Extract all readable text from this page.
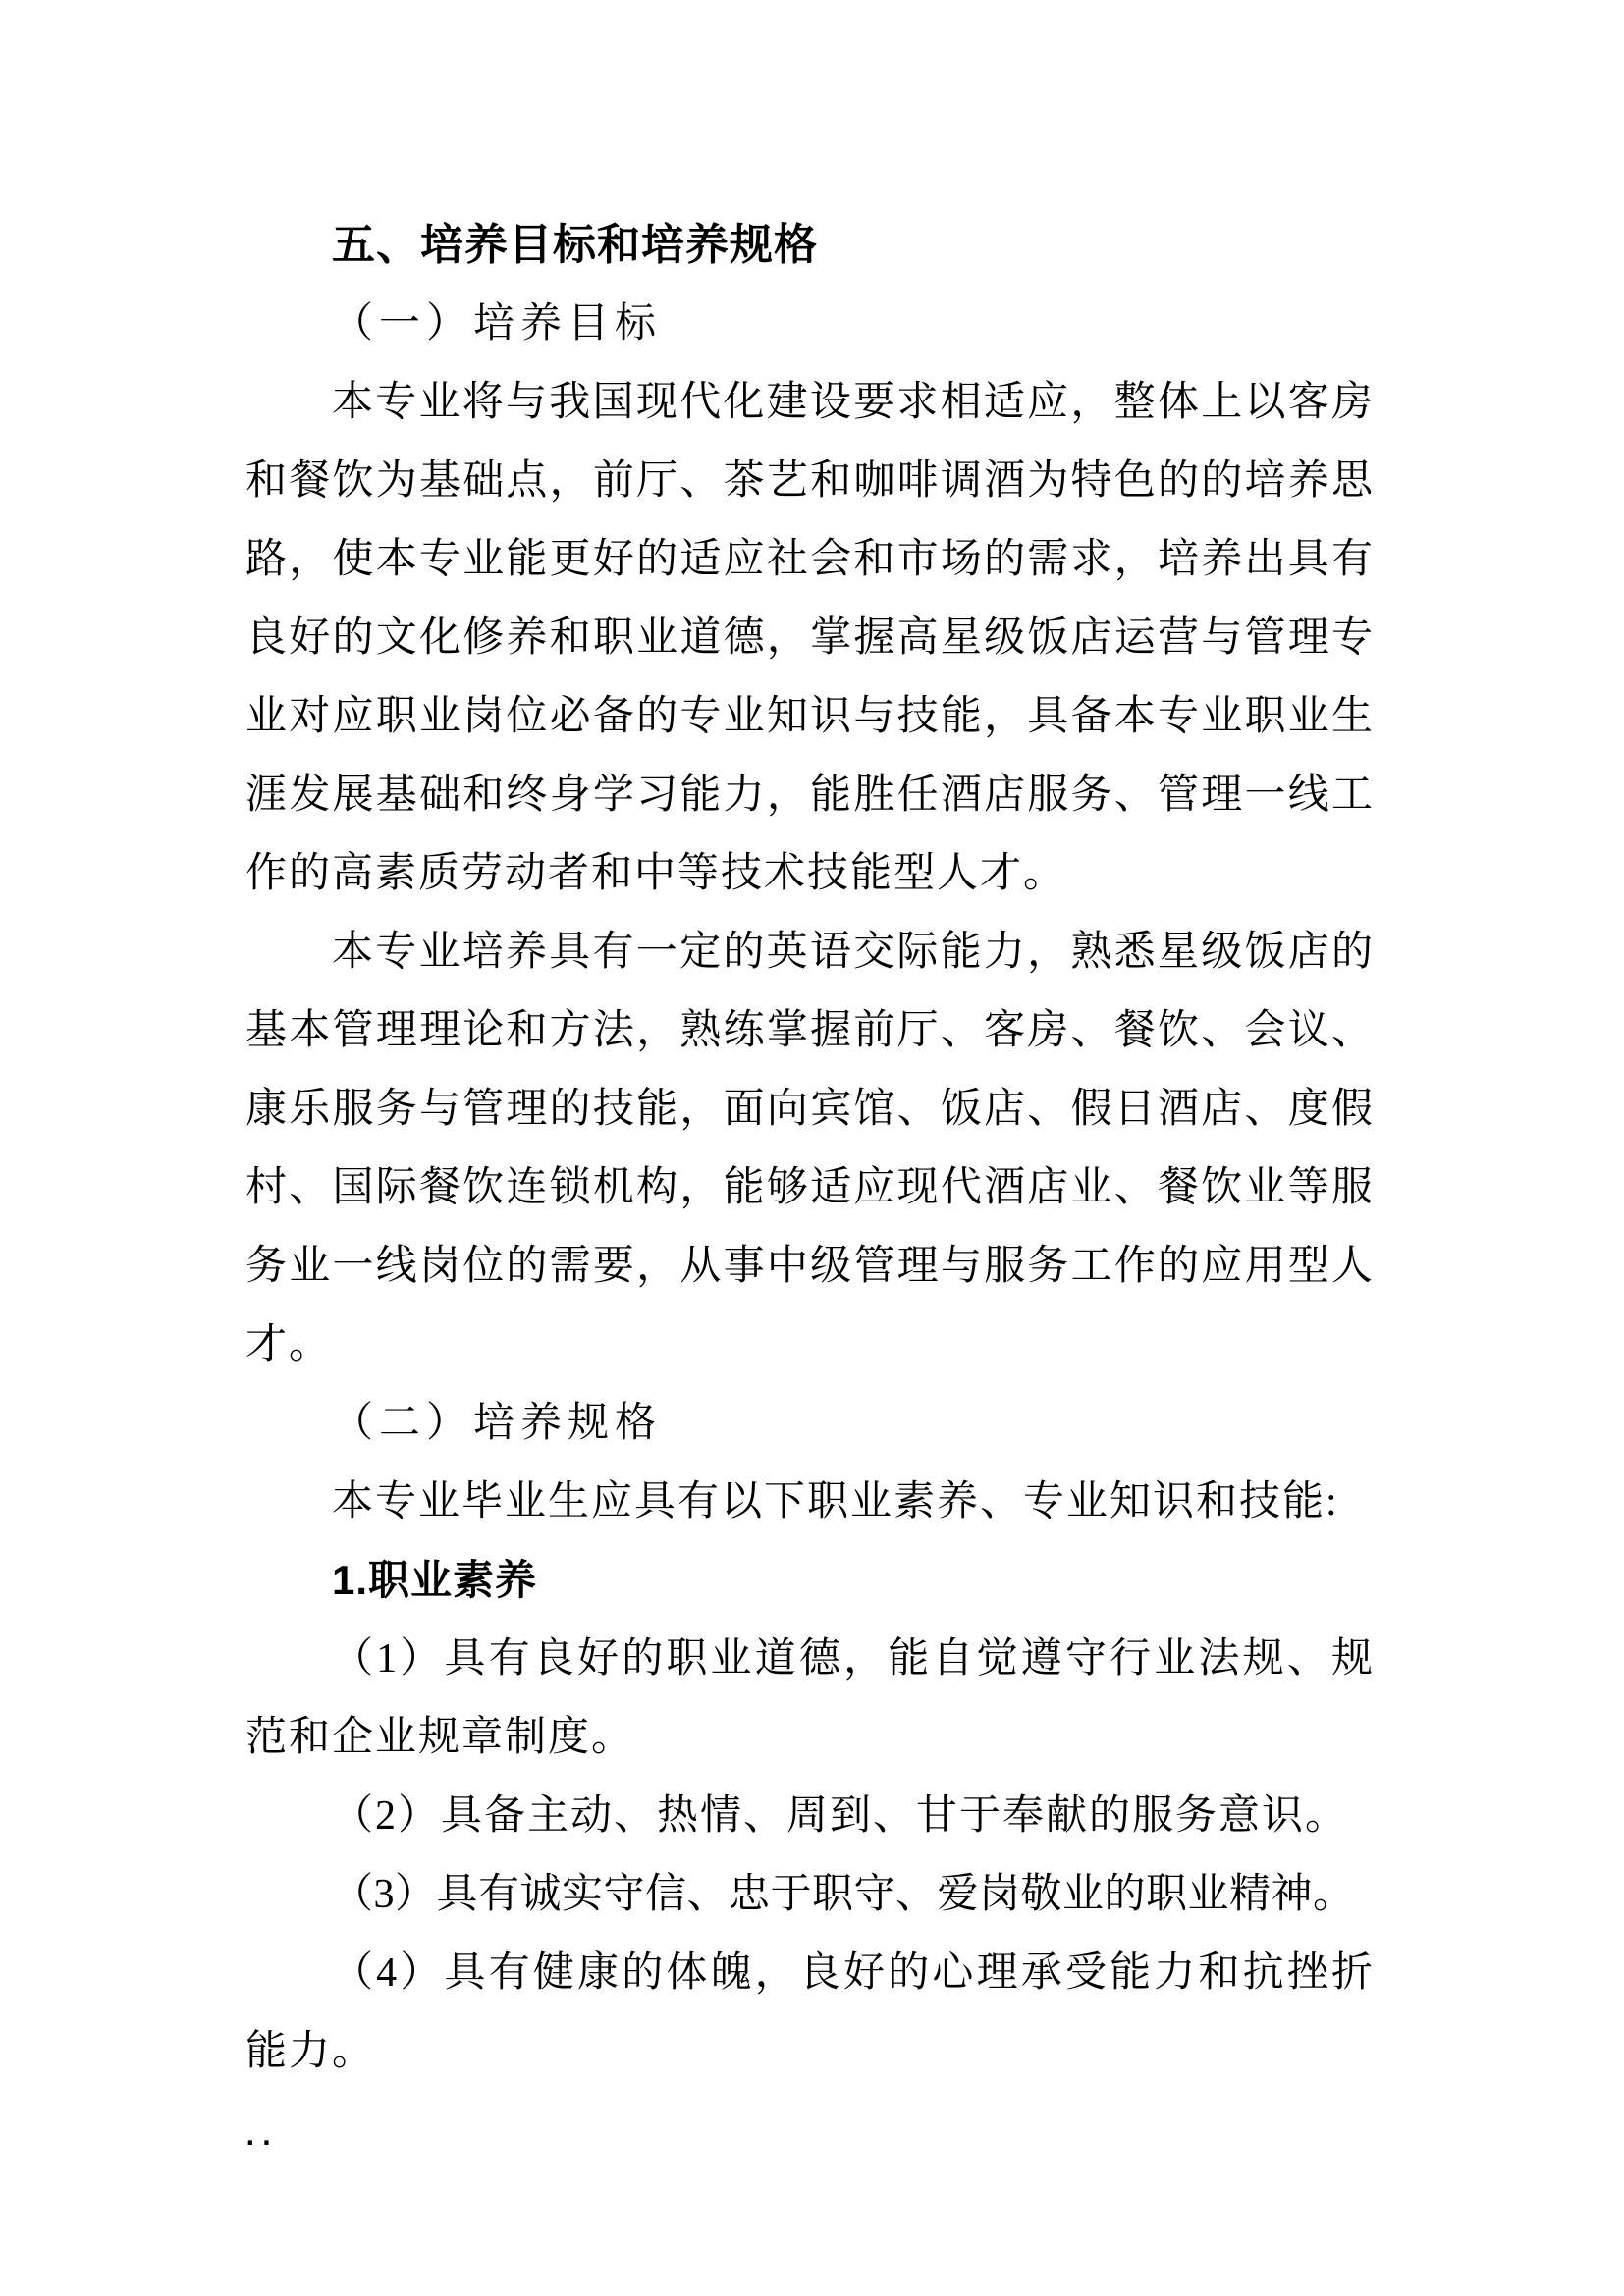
五、培养目标和培养规格

（一）培养目标

本专业将与我国现代化建设要求相适应，整体上以客房和餐饮为基础点，前厅、茶艺和咖啡调酒为特色的的培养思路，使本专业能更好的适应社会和市场的需求，培养出具有良好的文化修养和职业道德，掌握高星级饭店运营与管理专业对应职业岗位必备的专业知识与技能，具备本专业职业生涯发展基础和终身学习能力，能胜任酒店服务、管理一线工作的高素质劳动者和中等技术技能型人才。

本专业培养具有一定的英语交际能力，熟悉星级饭店的基本管理理论和方法，熟练掌握前厅、客房、餐饮、会议、康乐服务与管理的技能，面向宾馆、饭店、假日酒店、度假村、国际餐饮连锁机构，能够适应现代酒店业、餐饮业等服务业一线岗位的需要，从事中级管理与服务工作的应用型人才。

（二）培养规格

本专业毕业生应具有以下职业素养、专业知识和技能:

1.职业素养

（1）具有良好的职业道德，能自觉遵守行业法规、规范和企业规章制度。

（2）具备主动、热情、周到、甘于奉献的服务意识。

（3）具有诚实守信、忠于职守、爱岗敬业的职业精神。

（4）具有健康的体魄，良好的心理承受能力和抗挫折能力。

..
